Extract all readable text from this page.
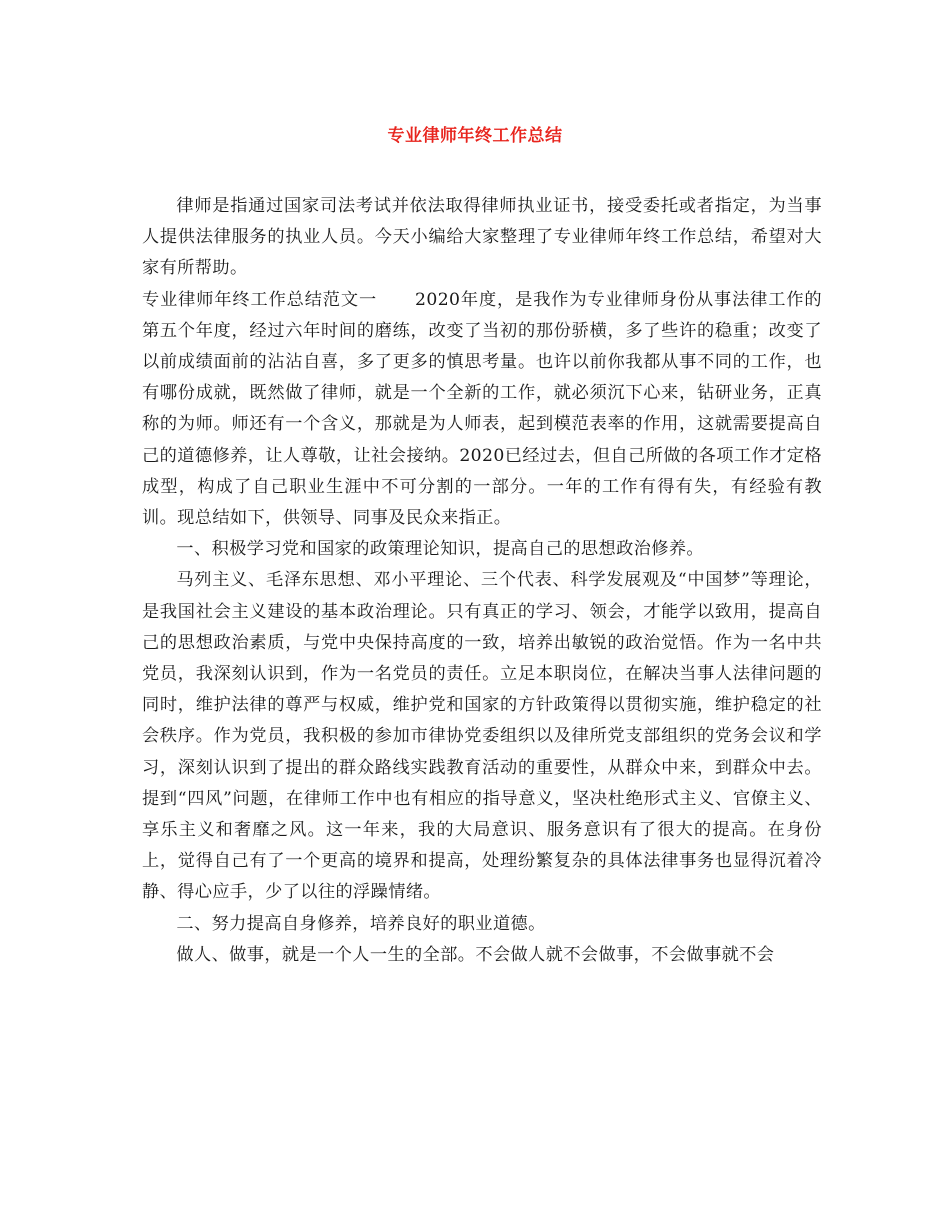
专业律师年终工作总结

律师是指通过国家司法考试并依法取得律师执业证书，接受委托或者指定，为当事人提供法律服务的执业人员。今天小编给大家整理了专业律师年终工作总结，希望对大家有所帮助。

专业律师年终工作总结范文一 2020年度，是我作为专业律师身份从事法律工作的第五个年度，经过六年时间的磨练，改变了当初的那份骄横，多了些许的稳重；改变了以前成绩面前的沾沾自喜，多了更多的慎思考量。也许以前你我都从事不同的工作，也有哪份成就，既然做了律师，就是一个全新的工作，就必须沉下心来，钻研业务，正真称的为师。师还有一个含义，那就是为人师表，起到模范表率的作用，这就需要提高自己的道德修养，让人尊敬，让社会接纳。2020已经过去，但自己所做的各项工作才定格成型，构成了自己职业生涯中不可分割的一部分。一年的工作有得有失，有经验有教训。现总结如下，供领导、同事及民众来指正。

一、积极学习党和国家的政策理论知识，提高自己的思想政治修养。

马列主义、毛泽东思想、邓小平理论、三个代表、科学发展观及“中国梦”等理论，是我国社会主义建设的基本政治理论。只有真正的学习、领会，才能学以致用，提高自己的思想政治素质，与党中央保持高度的一致，培养出敏锐的政治觉悟。作为一名中共党员，我深刻认识到，作为一名党员的责任。立足本职岗位，在解决当事人法律问题的同时，维护法律的尊严与权威，维护党和国家的方针政策得以贯彻实施，维护稳定的社会秩序。作为党员，我积极的参加市律协党委组织以及律所党支部组织的党务会议和学习，深刻认识到了提出的群众路线实践教育活动的重要性，从群众中来，到群众中去。提到“四风”问题，在律师工作中也有相应的指导意义，坚决杜绝形式主义、官僚主义、享乐主义和奢靡之风。这一年来，我的大局意识、服务意识有了很大的提高。在身份上，觉得自己有了一个更高的境界和提高，处理纷繁复杂的具体法律事务也显得沉着冷静、得心应手，少了以往的浮躁情绪。

二、努力提高自身修养，培养良好的职业道德。

做人、做事，就是一个人一生的全部。不会做人就不会做事，不会做事就不会
